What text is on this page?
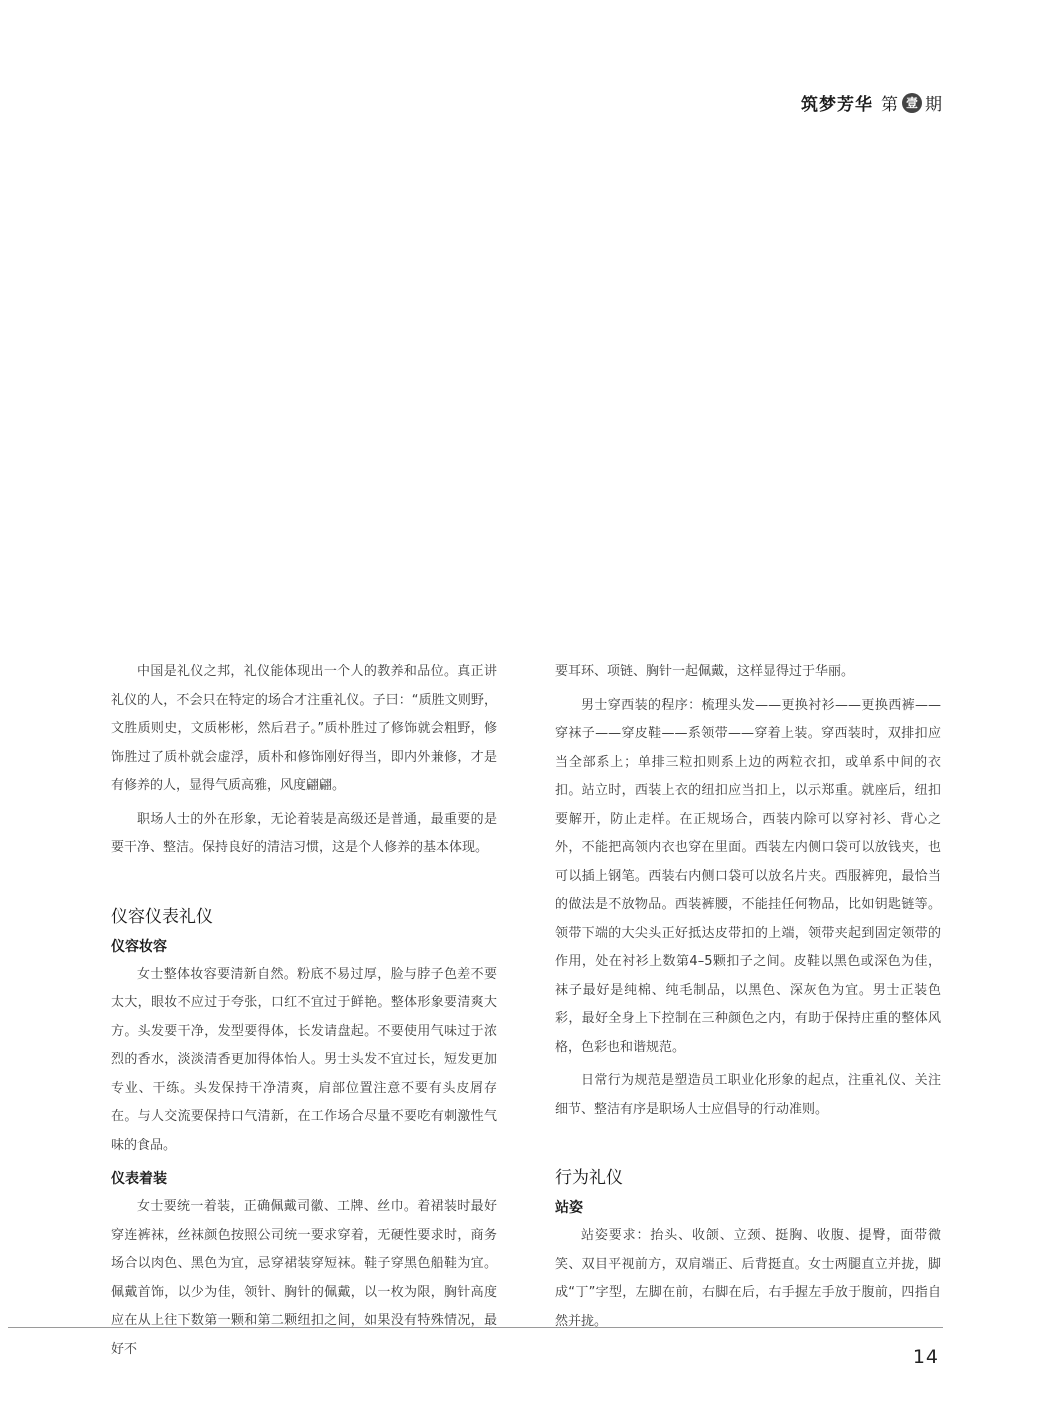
筑梦芳华 第 壹 期

中国是礼仪之邦，礼仪能体现出一个人的教养和品位。真正讲礼仪的人，不会只在特定的场合才注重礼仪。子曰：“质胜文则野，文胜质则史，文质彬彬，然后君子。”质朴胜过了修饰就会粗野，修饰胜过了质朴就会虚浮，质朴和修饰刚好得当，即内外兼修，才是有修养的人，显得气质高雅，风度翩翩。

职场人士的外在形象，无论着装是高级还是普通，最重要的是要干净、整洁。保持良好的清洁习惯，这是个人修养的基本体现。

仪容仪表礼仪
仪容妆容

女士整体妆容要清新自然。粉底不易过厚，脸与脖子色差不要太大，眼妆不应过于夸张，口红不宜过于鲜艳。整体形象要清爽大方。头发要干净，发型要得体，长发请盘起。不要使用气味过于浓烈的香水，淡淡清香更加得体怡人。男士头发不宜过长，短发更加专业、干练。头发保持干净清爽，肩部位置注意不要有头皮屑存在。与人交流要保持口气清新，在工作场合尽量不要吃有刺激性气味的食品。

仪表着装

女士要统一着装，正确佩戴司徽、工牌、丝巾。着裙装时最好穿连裤袜，丝袜颜色按照公司统一要求穿着，无硬性要求时，商务场合以肉色、黑色为宜，忌穿裙装穿短袜。鞋子穿黑色船鞋为宜。佩戴首饰，以少为佳，领针、胸针的佩戴，以一枚为限，胸针高度应在从上往下数第一颗和第二颗纽扣之间，如果没有特殊情况，最好不

要耳环、项链、胸针一起佩戴，这样显得过于华丽。

男士穿西装的程序：梳理头发——更换衬衫——更换西裤——穿袜子——穿皮鞋——系领带——穿着上装。穿西装时，双排扣应当全部系上；单排三粒扣则系上边的两粒衣扣，或单系中间的衣扣。站立时，西装上衣的纽扣应当扣上，以示郑重。就座后，纽扣要解开，防止走样。在正规场合，西装内除可以穿衬衫、背心之外，不能把高领内衣也穿在里面。西装左内侧口袋可以放钱夹，也可以插上钢笔。西装右内侧口袋可以放名片夹。西服裤兜，最恰当的做法是不放物品。西装裤腰，不能挂任何物品，比如钥匙链等。领带下端的大尖头正好抵达皮带扣的上端，领带夹起到固定领带的作用，处在衬衫上数第4–5颗扣子之间。皮鞋以黑色或深色为佳，袜子最好是纯棉、纯毛制品，以黑色、深灰色为宜。男士正装色彩，最好全身上下控制在三种颜色之内，有助于保持庄重的整体风格，色彩也和谐规范。

日常行为规范是塑造员工职业化形象的起点，注重礼仪、关注细节、整洁有序是职场人士应倡导的行动准则。

行为礼仪
站姿

站姿要求：抬头、收颌、立颈、挺胸、收腹、提臀，面带微笑、双目平视前方，双肩端正、后背挺直。女士两腿直立并拢，脚成“丁”字型，左脚在前，右脚在后，右手握左手放于腹前，四指自然并拢。

14
